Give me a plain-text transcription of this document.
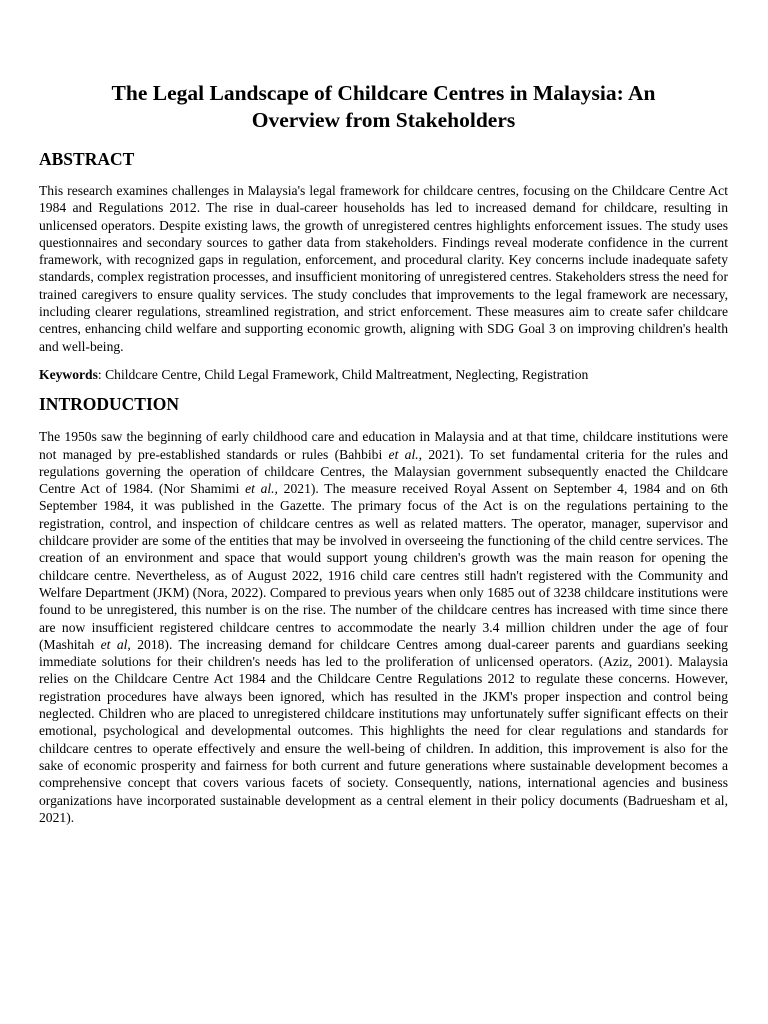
The Legal Landscape of Childcare Centres in Malaysia: An Overview from Stakeholders
ABSTRACT

This research examines challenges in Malaysia's legal framework for childcare centres, focusing on the Childcare Centre Act 1984 and Regulations 2012. The rise in dual-career households has led to increased demand for childcare, resulting in unlicensed operators. Despite existing laws, the growth of unregistered centres highlights enforcement issues. The study uses questionnaires and secondary sources to gather data from stakeholders. Findings reveal moderate confidence in the current framework, with recognized gaps in regulation, enforcement, and procedural clarity. Key concerns include inadequate safety standards, complex registration processes, and insufficient monitoring of unregistered centres. Stakeholders stress the need for trained caregivers to ensure quality services. The study concludes that improvements to the legal framework are necessary, including clearer regulations, streamlined registration, and strict enforcement. These measures aim to create safer childcare centres, enhancing child welfare and supporting economic growth, aligning with SDG Goal 3 on improving children's health and well-being.

Keywords: Childcare Centre, Child Legal Framework, Child Maltreatment, Neglecting, Registration
INTRODUCTION

The 1950s saw the beginning of early childhood care and education in Malaysia and at that time, childcare institutions were not managed by pre-established standards or rules (Bahbibi et al., 2021). To set fundamental criteria for the rules and regulations governing the operation of childcare Centres, the Malaysian government subsequently enacted the Childcare Centre Act of 1984. (Nor Shamimi et al., 2021). The measure received Royal Assent on September 4, 1984 and on 6th September 1984, it was published in the Gazette. The primary focus of the Act is on the regulations pertaining to the registration, control, and inspection of childcare centres as well as related matters. The operator, manager, supervisor and childcare provider are some of the entities that may be involved in overseeing the functioning of the child centre services. The creation of an environment and space that would support young children's growth was the main reason for opening the childcare centre. Nevertheless, as of August 2022, 1916 child care centres still hadn't registered with the Community and Welfare Department (JKM) (Nora, 2022). Compared to previous years when only 1685 out of 3238 childcare institutions were found to be unregistered, this number is on the rise. The number of the childcare centres has increased with time since there are now insufficient registered childcare centres to accommodate the nearly 3.4 million children under the age of four (Mashitah et al, 2018). The increasing demand for childcare Centres among dual-career parents and guardians seeking immediate solutions for their children's needs has led to the proliferation of unlicensed operators. (Aziz, 2001). Malaysia relies on the Childcare Centre Act 1984 and the Childcare Centre Regulations 2012 to regulate these concerns. However, registration procedures have always been ignored, which has resulted in the JKM's proper inspection and control being neglected. Children who are placed to unregistered childcare institutions may unfortunately suffer significant effects on their emotional, psychological and developmental outcomes. This highlights the need for clear regulations and standards for childcare centres to operate effectively and ensure the well-being of children. In addition, this improvement is also for the sake of economic prosperity and fairness for both current and future generations where sustainable development becomes a comprehensive concept that covers various facets of society. Consequently, nations, international agencies and business organizations have incorporated sustainable development as a central element in their policy documents (Badruesham et al, 2021).
